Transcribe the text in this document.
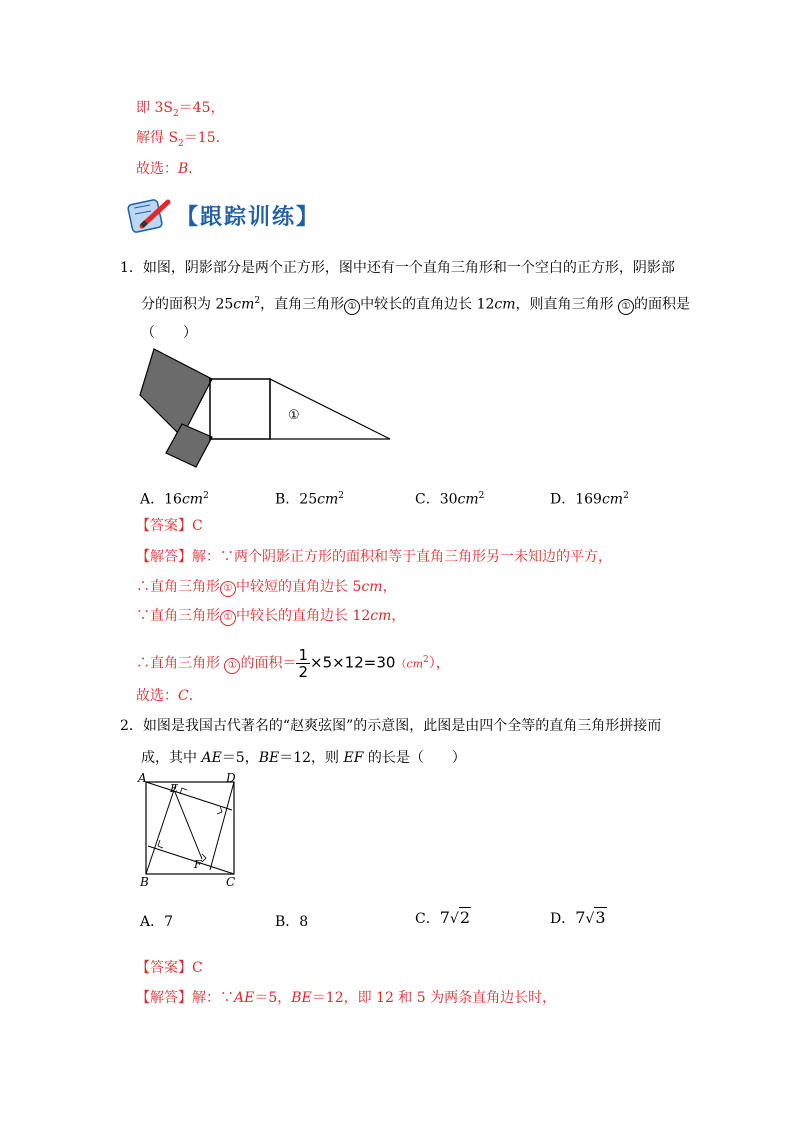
即 $3S_2=45$，
解得 $S_2=15$．
故选：B．
【跟踪训练】
1．如图，阴影部分是两个正方形，图中还有一个直角三角形和一个空白的正方形，阴影部
分的面积为 $25cm^2$，直角三角形 ① 中较长的直角边长 12cm，则直角三角形 ① 的面积是
（　　）
①
A．$16cm^2$	B．$25cm^2$	C．$30cm^2$	D．$169cm^2$
【答案】C
【解答】解：∵两个阴影正方形的面积和等于直角三角形另一未知边的平方，
∴直角三角形 ① 中较短的直角边长 5cm，
∵直角三角形 ① 中较长的直角边长 12cm，
∴直角三角形 ① 的面积＝ $\frac{1}{2} \times 5\times 12=30(cm^2)$，
故选：C．
2．如图是我国古代著名的“赵爽弦图”的示意图，此图是由四个全等的直角三角形拼接而
成，其中 AE＝5，BE＝12，则 EF 的长是（　　）
A	D
E
B	C
F
A．7	B．8	C．7√2	D．7√3
【答案】C
【解答】解：∵AE＝5，BE＝12，即 12 和 5 为两条直角边长时，
